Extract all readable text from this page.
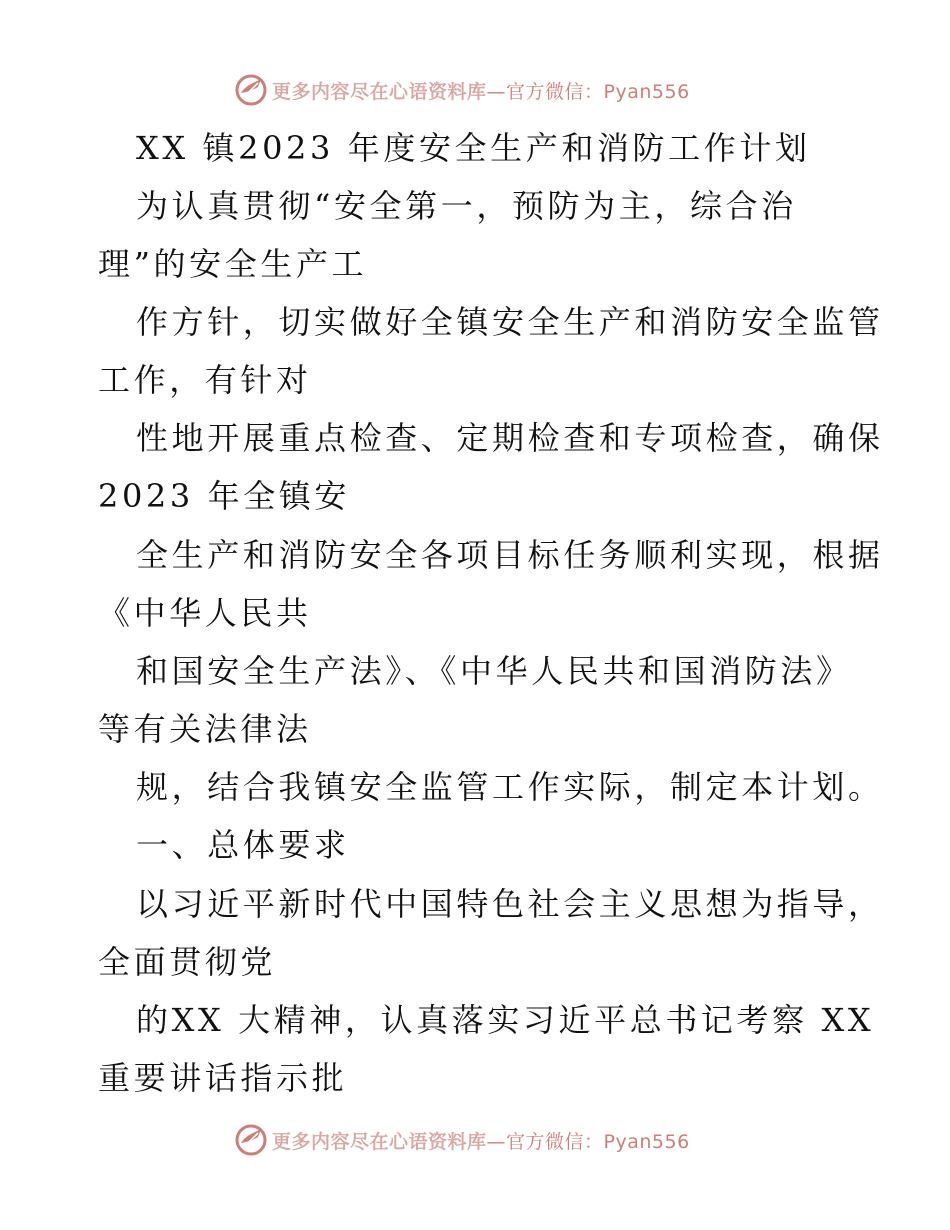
更多内容尽在心语资料库 —官方微信：Pyan556
XX 镇2023 年度安全生产和消防工作计划
为认真贯彻“安全第一，预防为主，综合治
理”的安全生产工
作方针，切实做好全镇安全生产和消防安全监管
工作，有针对
性地开展重点检查、定期检查和专项检查，确保
2023 年全镇安
全生产和消防安全各项目标任务顺利实现，根据
《中华人民共
和国安全生产法》、《中华人民共和国消防法》
等有关法律法
规，结合我镇安全监管工作实际，制定本计划。
一、总体要求
以习近平新时代中国特色社会主义思想为指导，
全面贯彻党
的XX 大精神，认真落实习近平总书记考察 XX
重要讲话指示批
更多内容尽在心语资料库 —官方微信：Pyan556
